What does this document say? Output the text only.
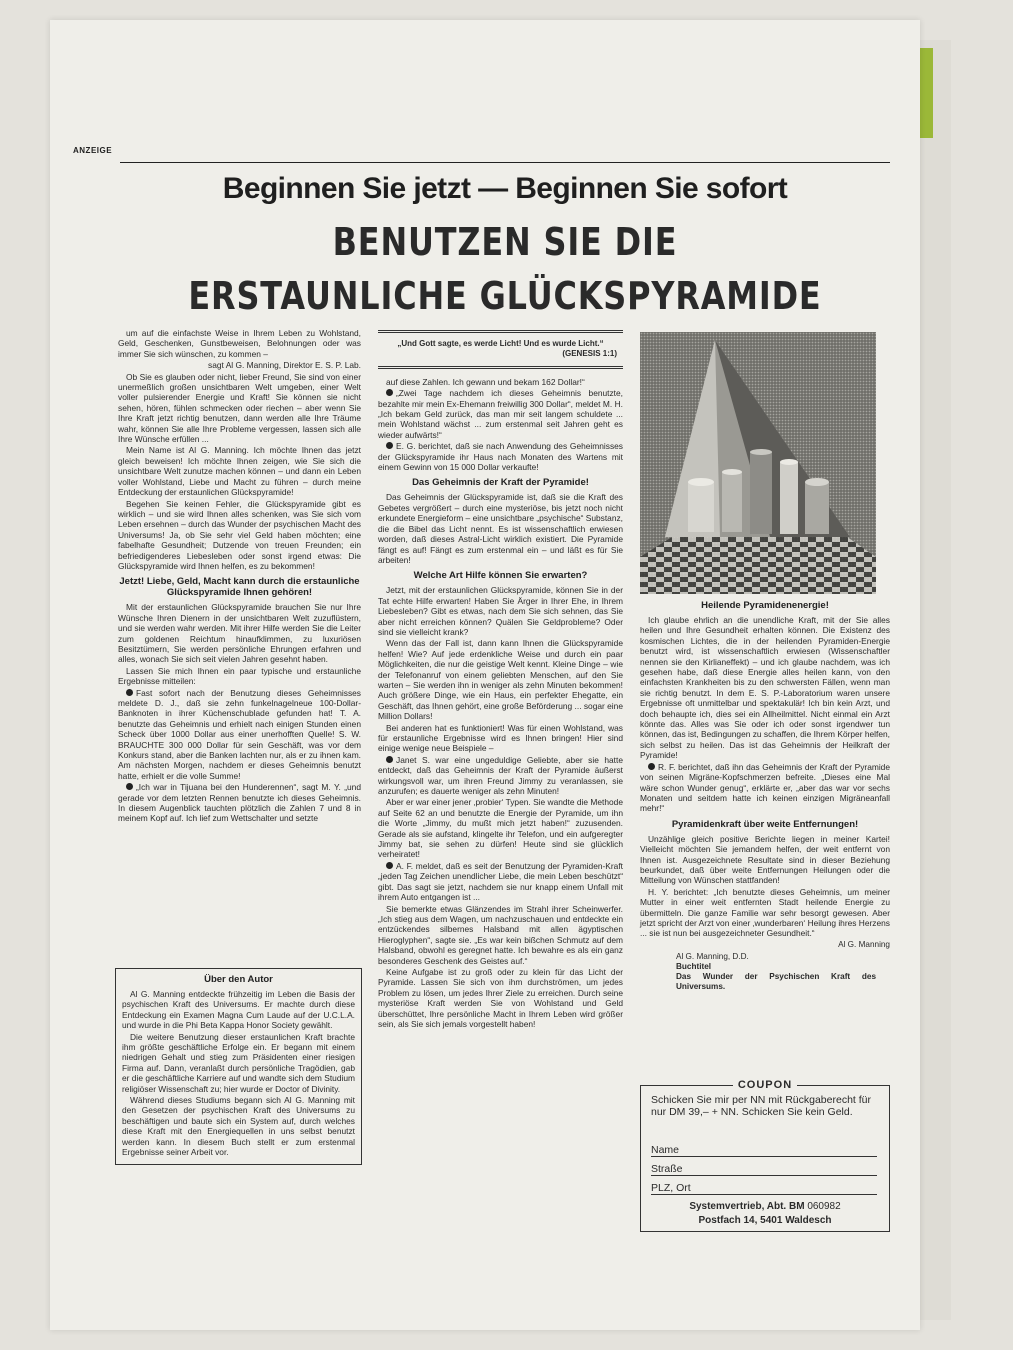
ANZEIGE
Beginnen Sie jetzt — Beginnen Sie sofort
BENUTZEN SIE DIE
ERSTAUNLICHE GLÜCKSPYRAMIDE

um auf die einfachste Weise in Ihrem Leben zu Wohlstand, Geld, Geschenken, Gunstbeweisen, Belohnungen oder was immer Sie sich wünschen, zu kommen –

sagt Al G. Manning, Direktor E. S. P. Lab.

Ob Sie es glauben oder nicht, lieber Freund, Sie sind von einer unermeßlich großen unsichtbaren Welt umgeben, einer Welt voller pulsierender Energie und Kraft! Sie können sie nicht sehen, hören, fühlen schmecken oder riechen – aber wenn Sie Ihre Kraft jetzt richtig benutzen, dann werden alle Ihre Träume wahr, können Sie alle Ihre Probleme vergessen, lassen sich alle Ihre Wünsche erfüllen ...

Mein Name ist Al G. Manning. Ich möchte Ihnen das jetzt gleich beweisen! Ich möchte Ihnen zeigen, wie Sie sich die unsichtbare Welt zunutze machen können – und dann ein Leben voller Wohlstand, Liebe und Macht zu führen – durch meine Entdeckung der erstaunlichen Glückspyramide!

Begehen Sie keinen Fehler, die Glückspyramide gibt es wirklich – und sie wird Ihnen alles schenken, was Sie sich vom Leben ersehnen – durch das Wunder der psychischen Macht des Universums! Ja, ob Sie sehr viel Geld haben möchten; eine fabelhafte Gesundheit; Dutzende von treuen Freunden; ein befriedigenderes Liebesleben oder sonst irgend etwas: Die Glückspyramide wird Ihnen helfen, es zu bekommen!

Jetzt! Liebe, Geld, Macht kann durch die erstaunliche Glückspyramide Ihnen gehören!

Mit der erstaunlichen Glückspyramide brauchen Sie nur Ihre Wünsche Ihren Dienern in der unsichtbaren Welt zuzuflüstern, und sie werden wahr werden. Mit ihrer Hilfe werden Sie die Leiter zum goldenen Reichtum hinaufklimmen, zu luxuriösen Besitztümern, Sie werden persönliche Ehrungen erfahren und alles, wonach Sie sich seit vielen Jahren gesehnt haben.

Lassen Sie mich Ihnen ein paar typische und erstaunliche Ergebnisse mitteilen:

Fast sofort nach der Benutzung dieses Geheimnisses meldete D. J., daß sie zehn funkelnagelneue 100-Dollar-Banknoten in ihrer Küchenschublade gefunden hat! T. A. benutzte das Geheimnis und erhielt nach einigen Stunden einen Scheck über 1000 Dollar aus einer unerhofften Quelle! S. W. BRAUCHTE 300 000 Dollar für sein Geschäft, was vor dem Konkurs stand, aber die Banken lachten nur, als er zu ihnen kam. Am nächsten Morgen, nachdem er dieses Geheimnis benutzt hatte, erhielt er die volle Summe!

„Ich war in Tijuana bei den Hunderennen“, sagt M. Y. „und gerade vor dem letzten Rennen benutzte ich dieses Geheimnis. In diesem Augenblick tauchten plötzlich die Zahlen 7 und 8 in meinem Kopf auf. Ich lief zum Wettschalter und setzte

Über den Autor

Al G. Manning entdeckte frühzeitig im Leben die Basis der psychischen Kraft des Universums. Er machte durch diese Entdeckung ein Examen Magna Cum Laude auf der U.C.L.A. und wurde in die Phi Beta Kappa Honor Society gewählt.

Die weitere Benutzung dieser erstaunlichen Kraft brachte ihm größte geschäftliche Erfolge ein. Er begann mit einem niedrigen Gehalt und stieg zum Präsidenten einer riesigen Firma auf. Dann, veranlaßt durch persönliche Tragödien, gab er die geschäftliche Karriere auf und wandte sich dem Studium religiöser Wissenschaft zu; hier wurde er Doctor of Divinity.

Während dieses Studiums begann sich Al G. Manning mit den Gesetzen der psychischen Kraft des Universums zu beschäftigen und baute sich ein System auf, durch welches diese Kraft mit den Energiequellen in uns selbst benutzt werden kann. In diesem Buch stellt er zum erstenmal Ergebnisse seiner Arbeit vor.

„Und Gott sagte, es werde Licht! Und es wurde Licht.“
(GENESIS 1:1)

auf diese Zahlen. Ich gewann und bekam 162 Dollar!“

„Zwei Tage nachdem ich dieses Geheimnis benutzte, bezahlte mir mein Ex-Ehemann freiwillig 300 Dollar“, meldet M. H. „Ich bekam Geld zurück, das man mir seit langem schuldete ... mein Wohlstand wächst ... zum erstenmal seit Jahren geht es wieder aufwärts!“

E. G. berichtet, daß sie nach Anwendung des Geheimnisses der Glückspyramide ihr Haus nach Monaten des Wartens mit einem Gewinn von 15 000 Dollar verkaufte!

Das Geheimnis der Kraft der Pyramide!

Das Geheimnis der Glückspyramide ist, daß sie die Kraft des Gebetes vergrößert – durch eine mysteriöse, bis jetzt noch nicht erkundete Energieform – eine unsichtbare „psychische“ Substanz, die die Bibel das Licht nennt. Es ist wissenschaftlich erwiesen worden, daß dieses Astral-Licht wirklich existiert. Die Pyramide fängt es auf! Fängt es zum erstenmal ein – und läßt es für Sie arbeiten!

Welche Art Hilfe können Sie erwarten?

Jetzt, mit der erstaunlichen Glückspyramide, können Sie in der Tat echte Hilfe erwarten! Haben Sie Ärger in Ihrer Ehe, in Ihrem Liebesleben? Gibt es etwas, nach dem Sie sich sehnen, das Sie aber nicht erreichen können? Quälen Sie Geldprobleme? Oder sind sie vielleicht krank?

Wenn das der Fall ist, dann kann Ihnen die Glückspyramide helfen! Wie? Auf jede erdenkliche Weise und durch ein paar Möglichkeiten, die nur die geistige Welt kennt. Kleine Dinge – wie der Telefonanruf von einem geliebten Menschen, auf den Sie warten – Sie werden ihn in weniger als zehn Minuten bekommen! Auch größere Dinge, wie ein Haus, ein perfekter Ehegatte, ein Geschäft, das Ihnen gehört, eine große Beförderung ... sogar eine Million Dollars!

Bei anderen hat es funktioniert! Was für einen Wohlstand, was für erstaunliche Ergebnisse wird es Ihnen bringen! Hier sind einige wenige neue Beispiele –

Janet S. war eine ungeduldige Geliebte, aber sie hatte entdeckt, daß das Geheimnis der Kraft der Pyramide äußerst wirkungsvoll war, um ihren Freund Jimmy zu veranlassen, sie anzurufen; es dauerte weniger als zehn Minuten!

Aber er war einer jener ‚probier‘ Typen. Sie wandte die Methode auf Seite 62 an und benutzte die Energie der Pyramide, um ihn die Worte „Jimmy, du mußt mich jetzt haben!“ zuzusenden. Gerade als sie aufstand, klingelte ihr Telefon, und ein aufgeregter Jimmy bat, sie sehen zu dürfen! Heute sind sie glücklich verheiratet!

A. F. meldet, daß es seit der Benutzung der Pyramiden-Kraft „jeden Tag Zeichen unendlicher Liebe, die mein Leben beschützt“ gibt. Das sagt sie jetzt, nachdem sie nur knapp einem Unfall mit ihrem Auto entgangen ist ...

Sie bemerkte etwas Glänzendes im Strahl ihrer Scheinwerfer. „Ich stieg aus dem Wagen, um nachzuschauen und entdeckte ein entzückendes silbernes Halsband mit allen ägyptischen Hieroglyphen“, sagte sie. „Es war kein bißchen Schmutz auf dem Halsband, obwohl es geregnet hatte. Ich bewahre es als ein ganz besonderes Geschenk des Geistes auf.“

Keine Aufgabe ist zu groß oder zu klein für das Licht der Pyramide. Lassen Sie sich von ihm durchströmen, um jedes Problem zu lösen, um jedes Ihrer Ziele zu erreichen. Durch seine mysteriöse Kraft werden Sie von Wohlstand und Geld überschüttet, Ihre persönliche Macht in Ihrem Leben wird größer sein, als Sie sich jemals vorgestellt haben!

Heilende Pyramidenenergie!

Ich glaube ehrlich an die unendliche Kraft, mit der Sie alles heilen und Ihre Gesundheit erhalten können. Die Existenz des kosmischen Lichtes, die in der heilenden Pyramiden-Energie benutzt wird, ist wissenschaftlich erwiesen (Wissenschaftler nennen sie den Kirlianeffekt) – und ich glaube nachdem, was ich gesehen habe, daß diese Energie alles heilen kann, von den einfachsten Krankheiten bis zu den schwersten Fällen, wenn man sie richtig benutzt. In dem E. S. P.-Laboratorium waren unsere Ergebnisse oft unmittelbar und spektakulär! Ich bin kein Arzt, und doch behaupte ich, dies sei ein Allheilmittel. Nicht einmal ein Arzt könnte das. Alles was Sie oder ich oder sonst irgendwer tun können, das ist, Bedingungen zu schaffen, die Ihrem Körper helfen, sich selbst zu heilen. Das ist das Geheimnis der Heilkraft der Pyramide!

R. F. berichtet, daß ihn das Geheimnis der Kraft der Pyramide von seinen Migräne-Kopfschmerzen befreite. „Dieses eine Mal wäre schon Wunder genug“, erklärte er, „aber das war vor sechs Monaten und seitdem hatte ich keinen einzigen Migräneanfall mehr!“

Pyramidenkraft über weite Entfernungen!

Unzählige gleich positive Berichte liegen in meiner Kartei! Vielleicht möchten Sie jemandem helfen, der weit entfernt von Ihnen ist. Ausgezeichnete Resultate sind in dieser Beziehung beurkundet, daß über weite Entfernungen Heilungen oder die Mitteilung von Wünschen stattfanden!

H. Y. berichtet: „Ich benutzte dieses Geheimnis, um meiner Mutter in einer weit entfernten Stadt heilende Energie zu übermitteln. Die ganze Familie war sehr besorgt gewesen. Aber jetzt spricht der Arzt von einer ‚wunderbaren‘ Heilung ihres Herzens ... sie ist nun bei ausgezeichneter Gesundheit.“

Al G. Manning
Al G. Manning, D.D.
Buchtitel
Das Wunder der Psychischen Kraft des Universums.
COUPON
Schicken Sie mir per NN mit Rückgaberecht für nur DM 39,– + NN. Schicken Sie kein Geld.
Name
Straße
PLZ, Ort
Systemvertrieb, Abt. BM 060982
Postfach 14, 5401 Waldesch
